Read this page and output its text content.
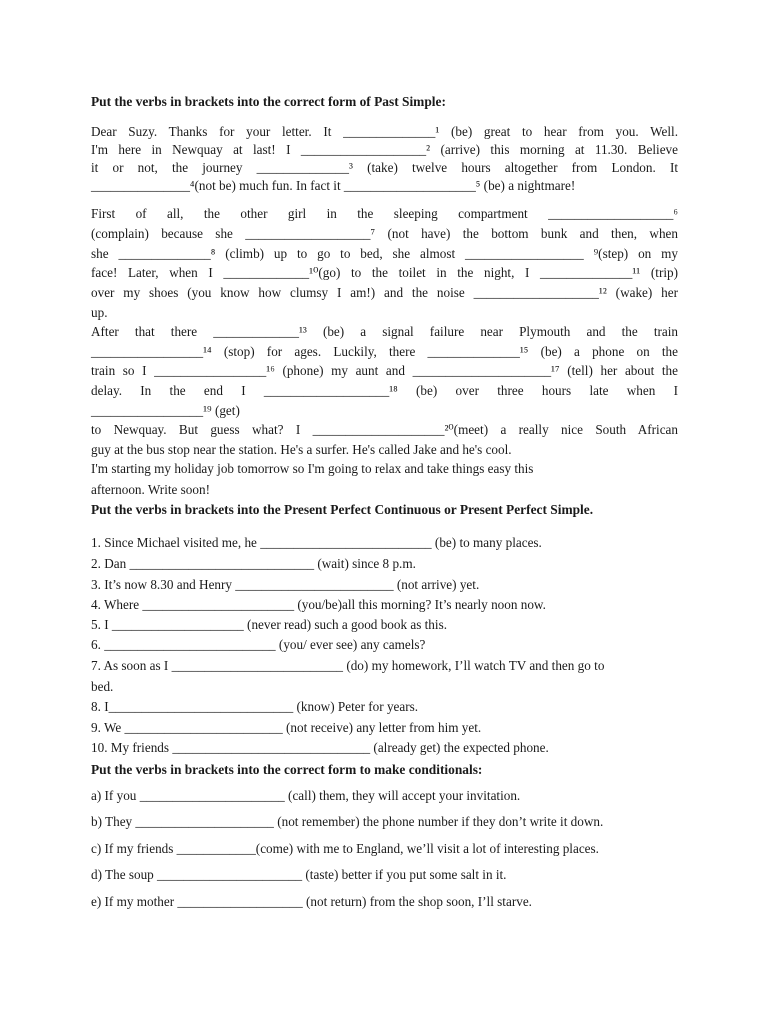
Put the verbs in brackets into the correct form of Past Simple:
Dear Suzy. Thanks for your letter. It ______________¹ (be) great to hear from you. Well.
I'm here in Newquay at last! I ___________________² (arrive) this morning at 11.30. Believe
it or not, the journey ______________³ (take) twelve hours altogether from London. It
_______________⁴(not be) much fun. In fact it ____________________⁵ (be) a nightmare!
First of all, the other girl in the sleeping compartment ___________________⁶
(complain) because she ___________________⁷ (not have) the bottom bunk and then, when
she ______________⁸ (climb) up to go to bed, she almost __________________ ⁹(step) on my
face! Later, when I _____________¹⁰(go) to the toilet in the night, I ______________¹¹ (trip)
over my shoes (you know how clumsy I am!) and the noise ___________________¹² (wake) her
up.
After that there _____________¹³ (be) a signal failure near Plymouth and the train
_________________¹⁴ (stop) for ages. Luckily, there ______________¹⁵ (be) a phone on the
train so I _________________¹⁶ (phone) my aunt and _____________________¹⁷ (tell) her about the
delay. In the end I ___________________¹⁸ (be) over three hours late when I
_________________¹⁹ (get)
to Newquay. But guess what? I ____________________²⁰(meet) a really nice South African
guy at the bus stop near the station. He's a surfer. He's called Jake and he's cool.
I'm starting my holiday job tomorrow so I'm going to relax and take things easy this
afternoon. Write soon!
Put the verbs in brackets into the Present Perfect Continuous or Present Perfect Simple.
1. Since Michael visited me, he __________________________ (be) to many places.
2. Dan ____________________________ (wait) since 8 p.m.
3. It’s now 8.30 and Henry ________________________ (not arrive) yet.
4. Where _______________________ (you/be)all this morning? It’s nearly noon now.
5. I ____________________ (never read) such a good book as this.
6. __________________________ (you/ ever see) any camels?
7. As soon as I __________________________ (do) my homework, I’ll watch TV and then go to
bed.
8. I____________________________ (know) Peter for years.
9. We ________________________ (not receive) any letter from him yet.
10. My friends ______________________________ (already get) the expected phone.
Put the verbs in brackets into the correct form to make conditionals:
a) If you ______________________ (call) them, they will accept your invitation.
b) They _____________________ (not remember) the phone number if they don’t write it down.
c) If my friends ____________(come) with me to England, we’ll visit a lot of interesting places.
d) The soup ______________________ (taste) better if you put some salt in it.
e) If my mother ___________________ (not return) from the shop soon, I’ll starve.
